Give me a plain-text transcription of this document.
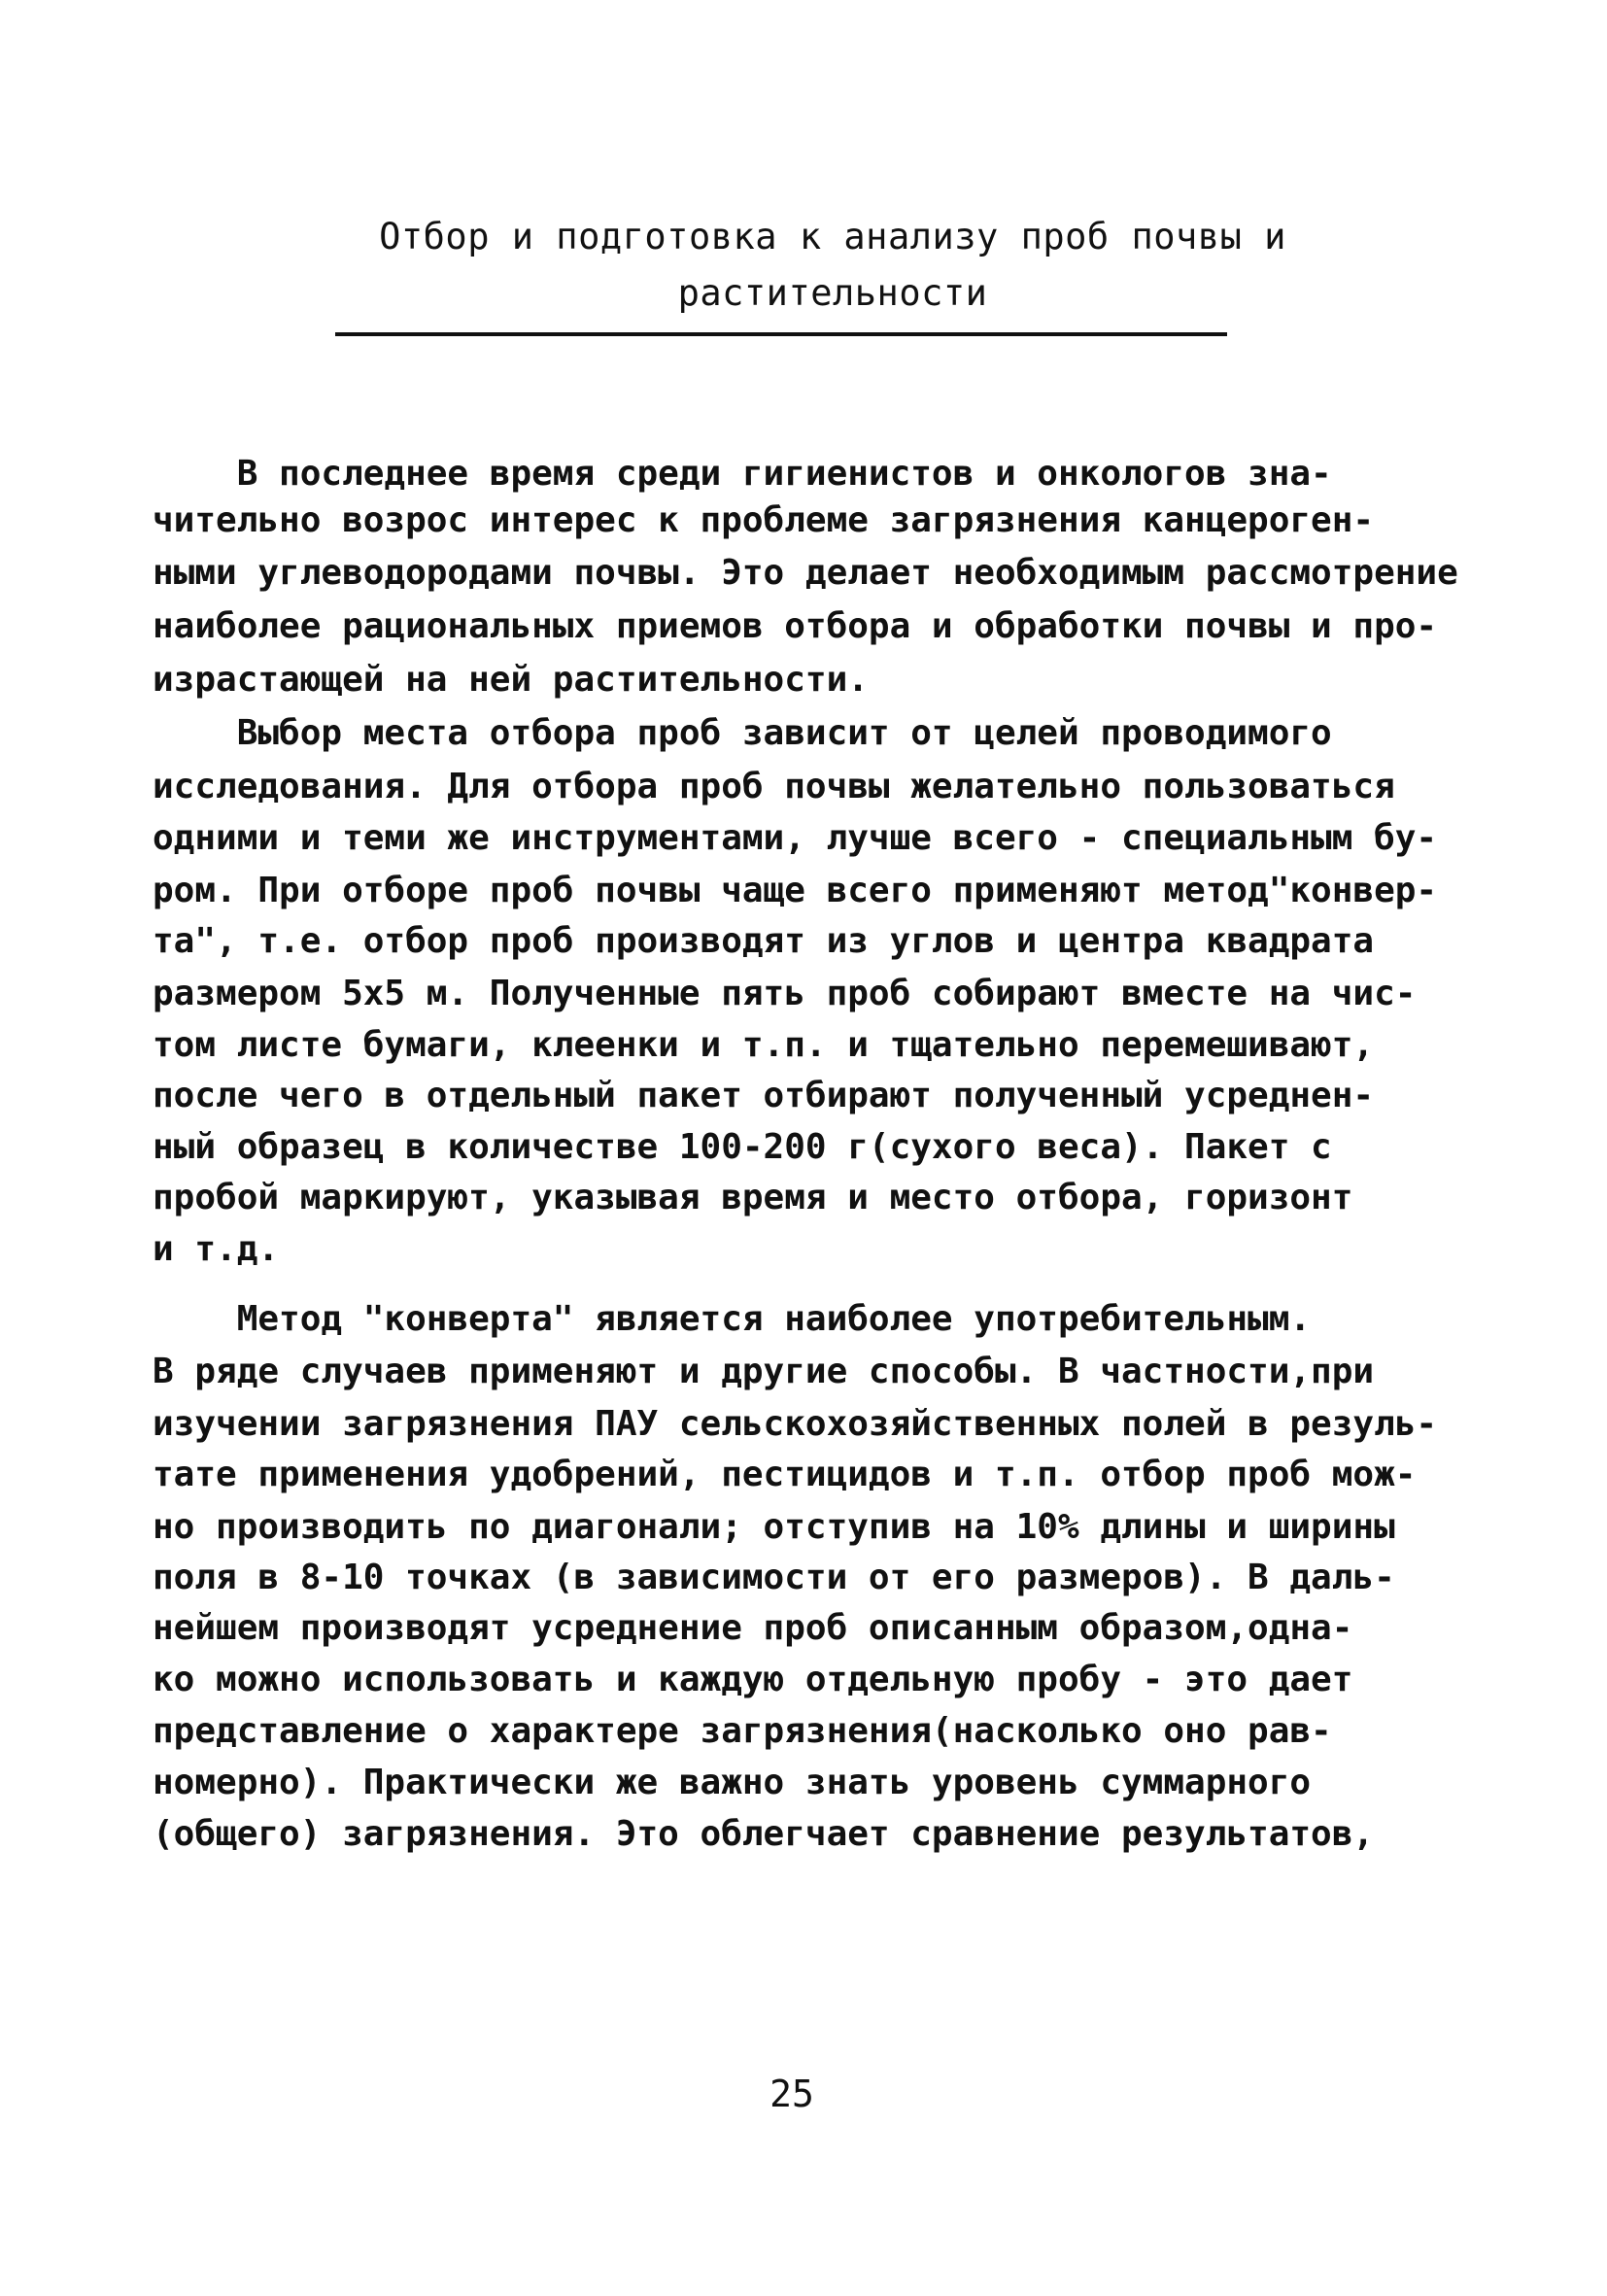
Отбор и подготовка к анализу проб почвы и
растительности
В последнее время среди гигиенистов и онкологов зна-
чительно возрос интерес к проблеме загрязнения канцероген-
ными углеводородами почвы. Это делает необходимым рассмотрение
наиболее рациональных приемов отбора и обработки почвы и про-
израстающей на ней растительности.
Выбор места отбора проб зависит от целей проводимого
исследования. Для отбора проб почвы желательно пользоваться
одними и теми же инструментами, лучше всего - специальным бу-
ром. При отборе проб почвы чаще всего применяют метод"конвер-
та", т.е. отбор проб производят из углов и центра квадрата
размером 5х5 м. Полученные пять проб собирают вместе на чис-
том листе бумаги, клеенки и т.п. и тщательно перемешивают,
после чего в отдельный пакет отбирают полученный усреднен-
ный образец в количестве 100-200 г(сухого веса). Пакет с
пробой маркируют, указывая время и место отбора, горизонт
и т.д.
Метод "конверта" является наиболее употребительным.
В ряде случаев применяют и другие способы. В частности,при
изучении загрязнения ПАУ сельскохозяйственных полей в резуль-
тате применения удобрений, пестицидов и т.п. отбор проб мож-
но производить по диагонали; отступив на 10% длины и ширины
поля в 8-10 точках (в зависимости от его размеров). В даль-
нейшем производят усреднение проб описанным образом,одна-
ко можно использовать и каждую отдельную пробу - это дает
представление о характере загрязнения(насколько оно рав-
номерно). Практически же важно знать уровень суммарного
(общего) загрязнения. Это облегчает сравнение результатов,
25
